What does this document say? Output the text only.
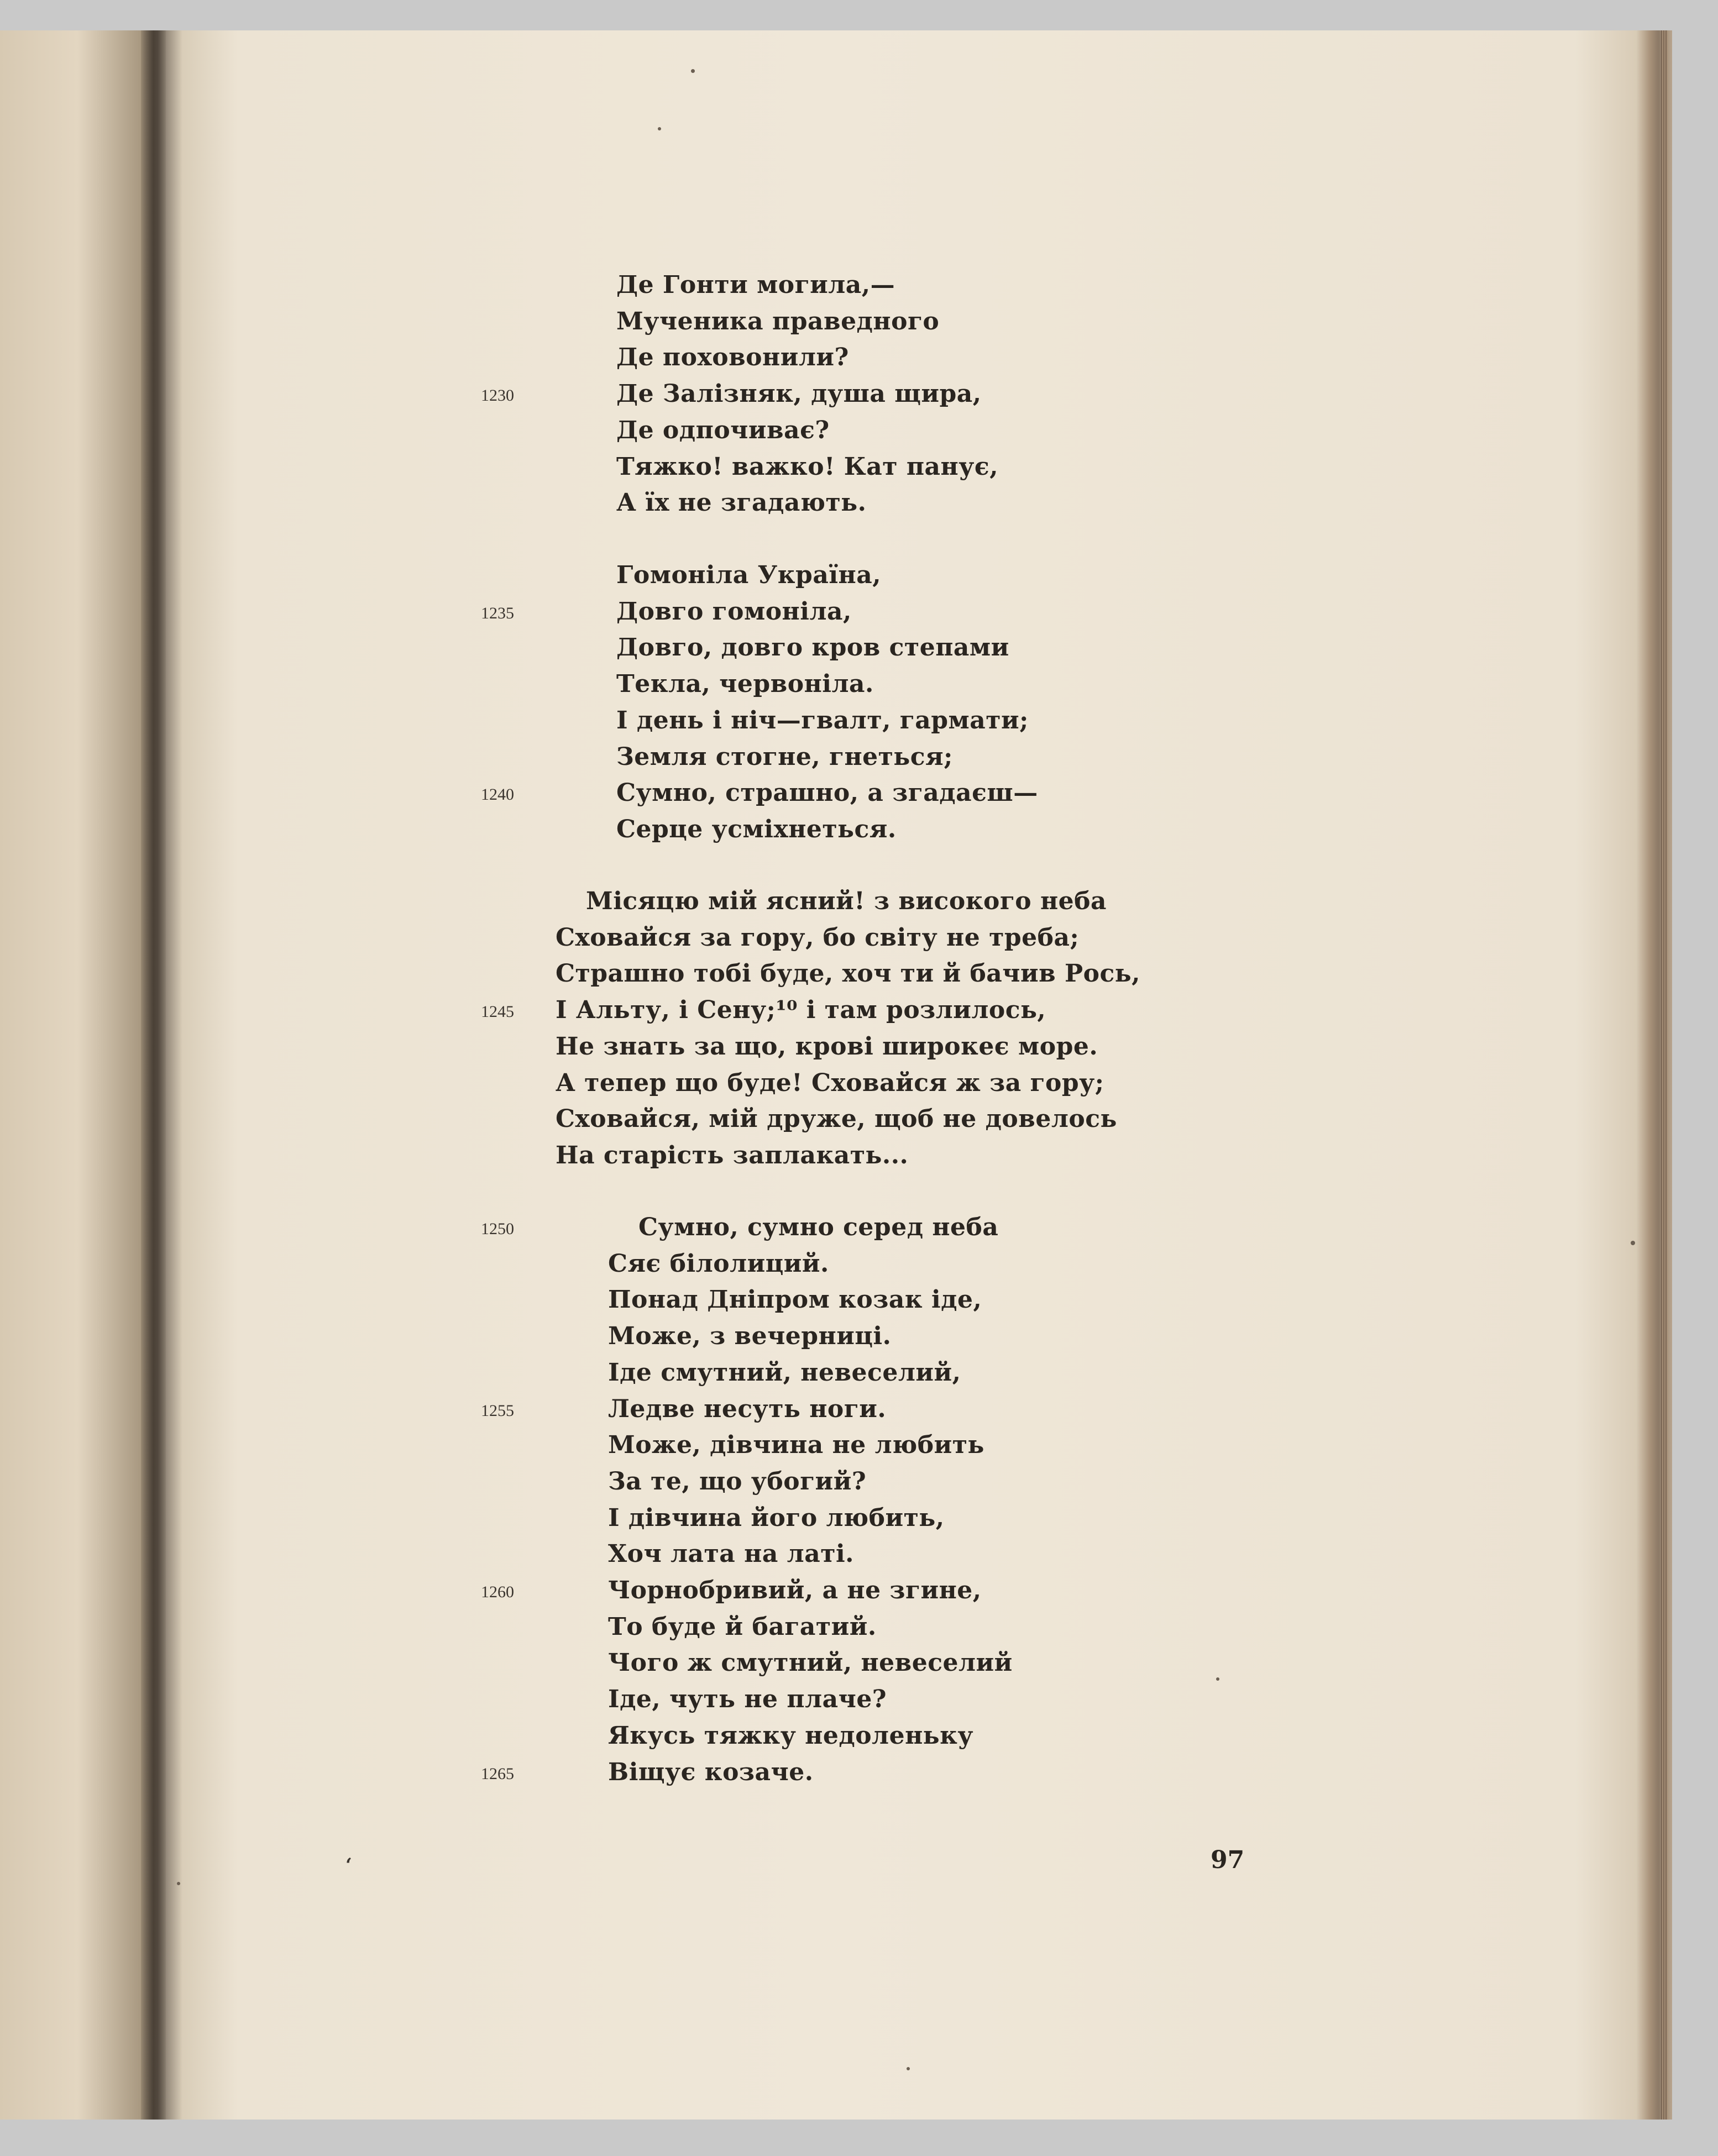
Де Гонти могила,—
Мученика праведного
Де поховонили?
Де Залізняк, душа щира,
1230
Де одпочиває?
Тяжко! важко! Кат панує,
А їх не згадають.
Гомоніла Україна,
Довго гомоніла,
1235
Довго, довго кров степами
Текла, червоніла.
І день і ніч—гвалт, гармати;
Земля стогне, гнеться;
Сумно, страшно, а згадаєш—
1240
Серце усміхнеться.
Місяцю мій ясний! з високого неба
Сховайся за гору, бо світу не треба;
Страшно тобі буде, хоч ти й бачив Рось,
І Альту, і Сену;¹⁰ і там розлилось,
1245
Не знать за що, крові широкеє море.
А тепер що буде! Сховайся ж за гору;
Сховайся, мій друже, щоб не довелось
На старість заплакать...
Сумно, сумно серед неба
1250
Сяє білолиций.
Понад Дніпром козак іде,
Може, з вечерниці.
Іде смутний, невеселий,
Ледве несуть ноги.
1255
Може, дівчина не любить
За те, що убогий?
І дівчина його любить,
Хоч лата на латі.
Чорнобривий, а не згине,
1260
То буде й багатий.
Чого ж смутний, невеселий
Іде, чуть не плаче?
Якусь тяжку недоленьку
Віщує козаче.
1265
ʻ	97
